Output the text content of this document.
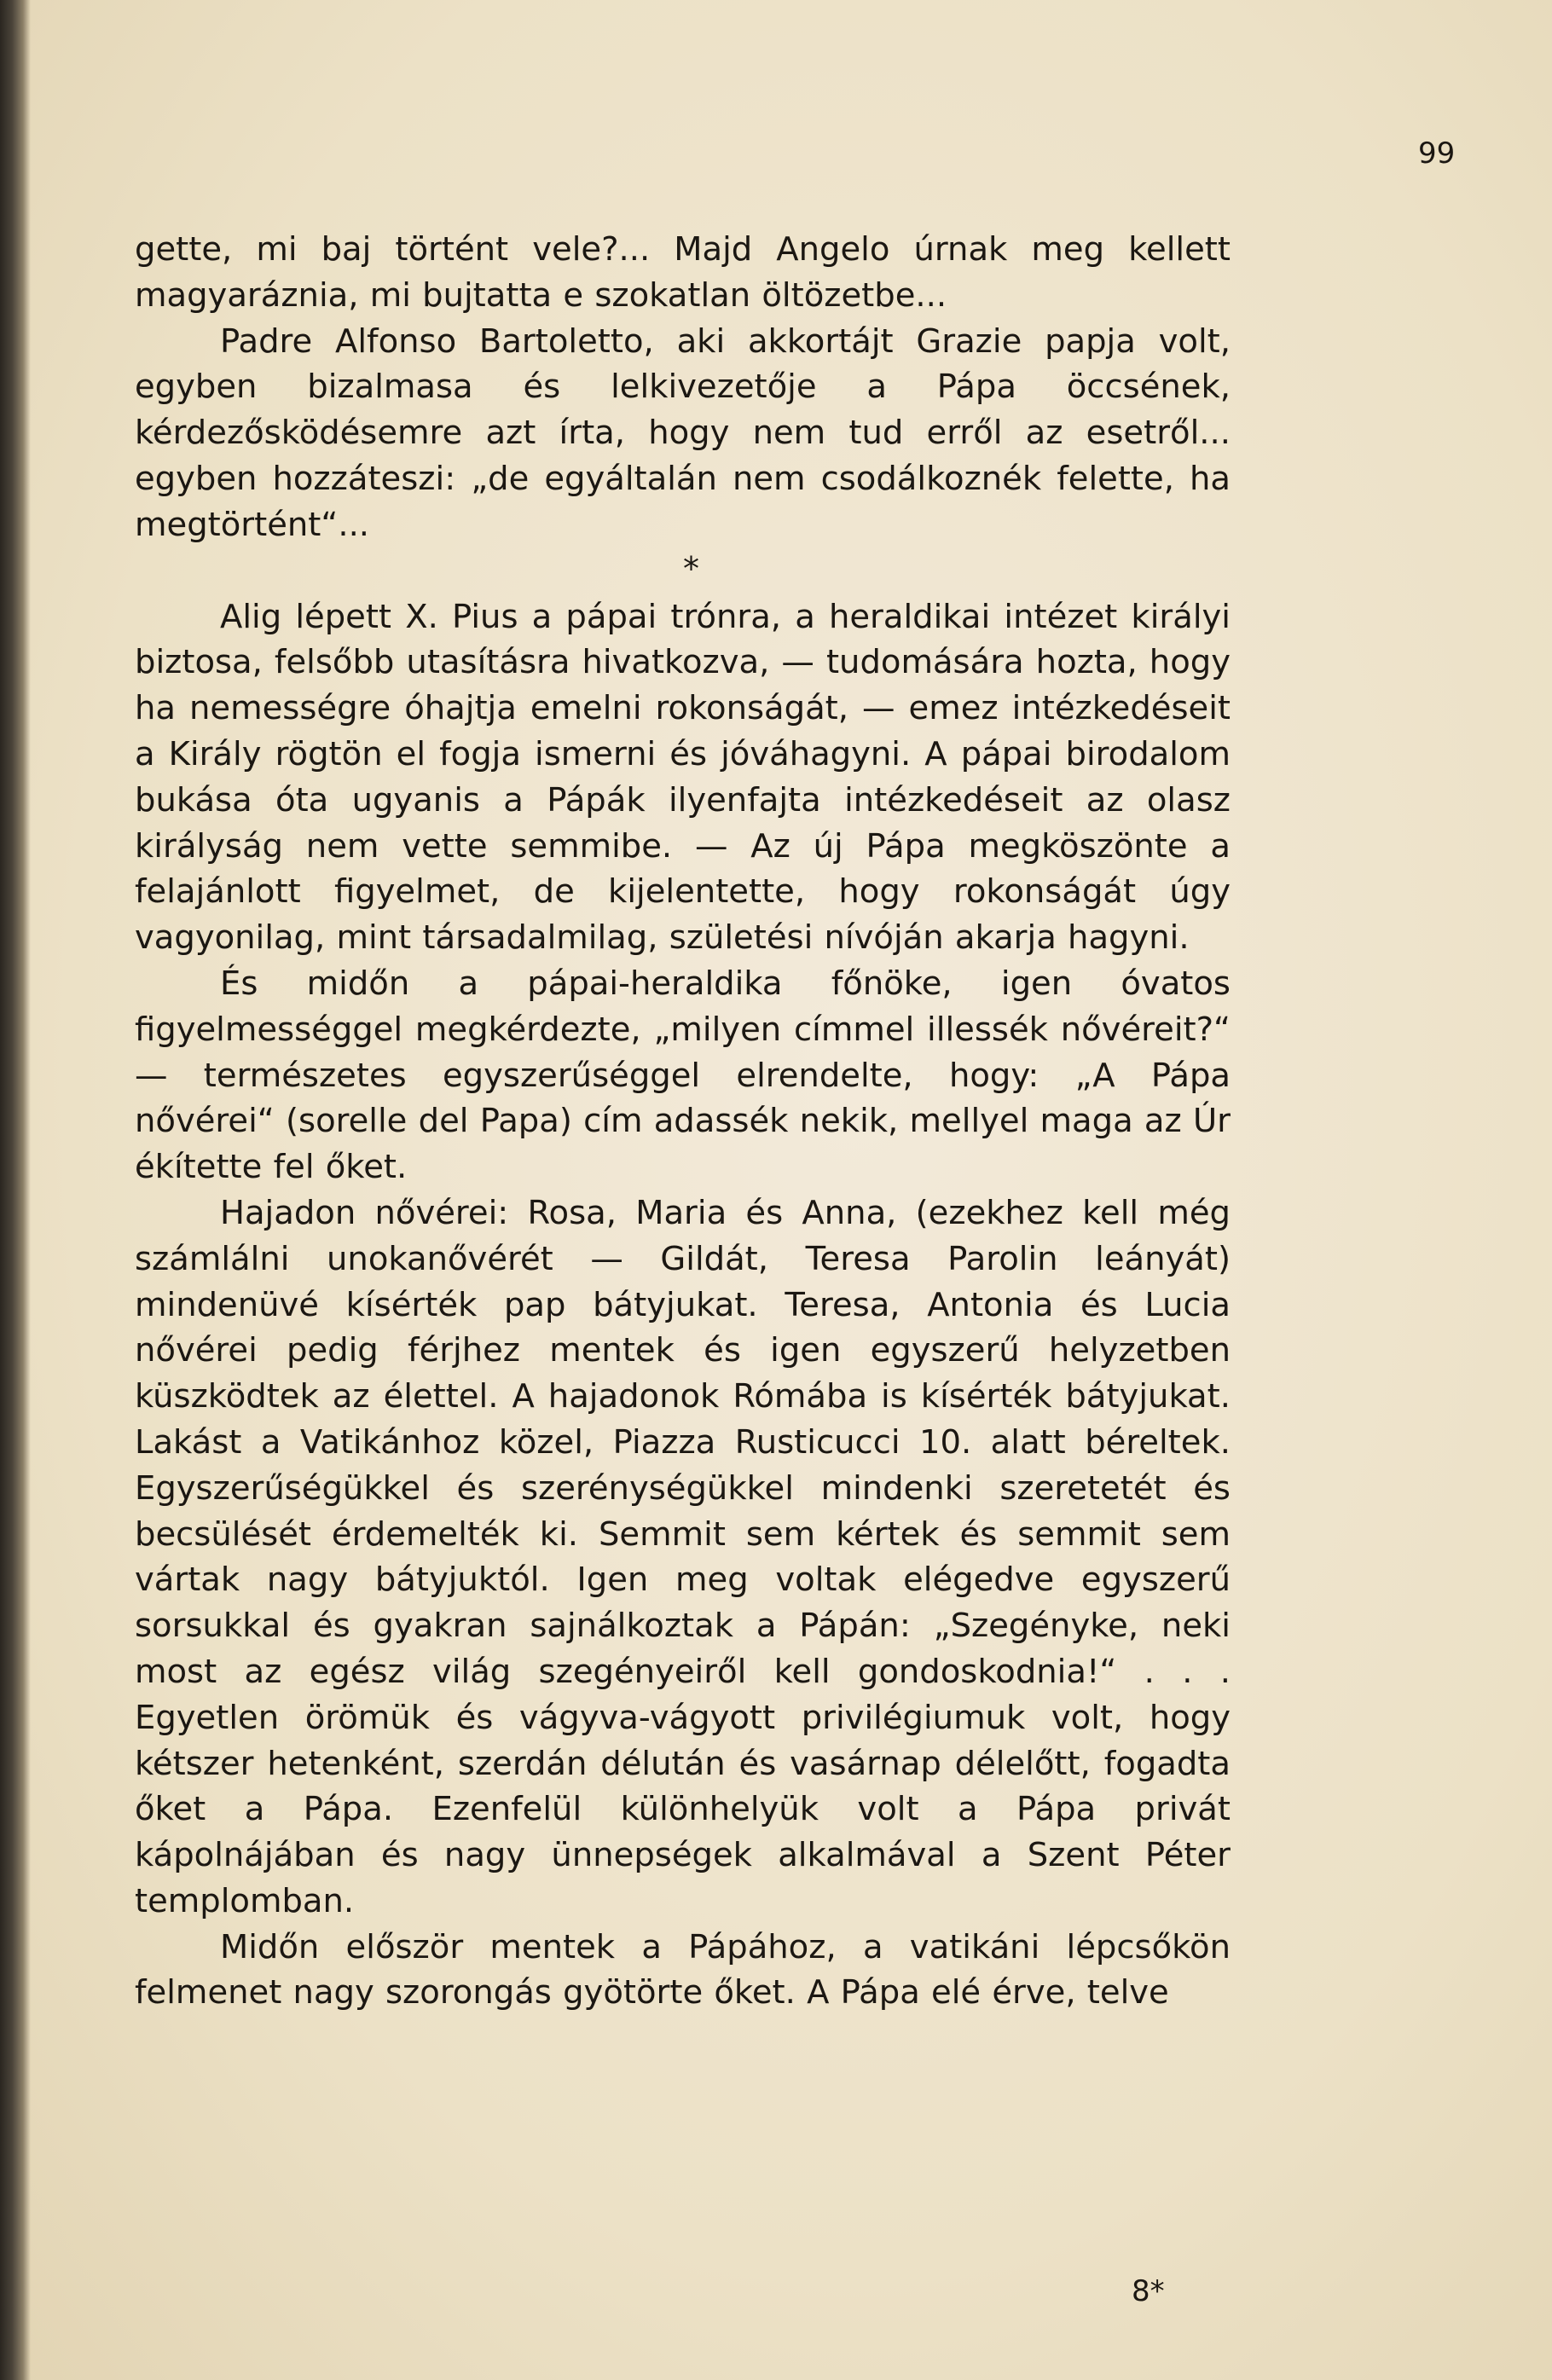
99

gette, mi baj történt vele?... Majd Angelo úrnak meg kellett magyaráznia, mi bujtatta e szokatlan öltözetbe...

Padre Alfonso Bartoletto, aki akkortájt Grazie papja volt, egyben bizalmasa és lelkivezetője a Pápa öccsének, kérdezősködésemre azt írta, hogy nem tud erről az esetről... egyben hozzáteszi: „de egyáltalán nem csodálkoznék felette, ha megtörtént“...

*

Alig lépett X. Pius a pápai trónra, a heraldikai intézet királyi biztosa, felsőbb utasításra hivatkozva, — tudomására hozta, hogy ha nemességre óhajtja emelni rokonságát, — emez intézkedéseit a Király rögtön el fogja ismerni és jóváhagyni. A pápai birodalom bukása óta ugyanis a Pápák ilyenfajta intézkedéseit az olasz királyság nem vette semmibe. — Az új Pápa megköszönte a felajánlott figyelmet, de kijelentette, hogy rokonságát úgy vagyonilag, mint társadalmilag, születési nívóján akarja hagyni.

És midőn a pápai-heraldika főnöke, igen óvatos figyelmességgel megkérdezte, „milyen címmel illessék nővéreit?“ — természetes egyszerűséggel elrendelte, hogy: „A Pápa nővérei“ (sorelle del Papa) cím adassék nekik, mellyel maga az Úr ékítette fel őket.

Hajadon nővérei: Rosa, Maria és Anna, (ezekhez kell még számlálni unokanővérét — Gildát, Teresa Parolin leányát) mindenüvé kísérték pap bátyjukat. Teresa, Antonia és Lucia nővérei pedig férjhez mentek és igen egyszerű helyzetben küszködtek az élettel. A hajadonok Rómába is kísérték bátyjukat. Lakást a Vatikánhoz közel, Piazza Rusticucci 10. alatt béreltek. Egyszerűségükkel és szerénységükkel mindenki szeretetét és becsülését érdemelték ki. Semmit sem kértek és semmit sem vártak nagy bátyjuktól. Igen meg voltak elégedve egyszerű sorsukkal és gyakran sajnálkoztak a Pápán: „Szegényke, neki most az egész világ szegényeiről kell gondoskodnia!“ . . . Egyetlen örömük és vágyva-vágyott privilégiumuk volt, hogy kétszer hetenként, szerdán délután és vasárnap délelőtt, fogadta őket a Pápa. Ezenfelül különhelyük volt a Pápa privát kápolnájában és nagy ünnepségek alkalmával a Szent Péter templomban.

Midőn először mentek a Pápához, a vatikáni lépcsőkön felmenet nagy szorongás gyötörte őket. A Pápa elé érve, telve

8*
